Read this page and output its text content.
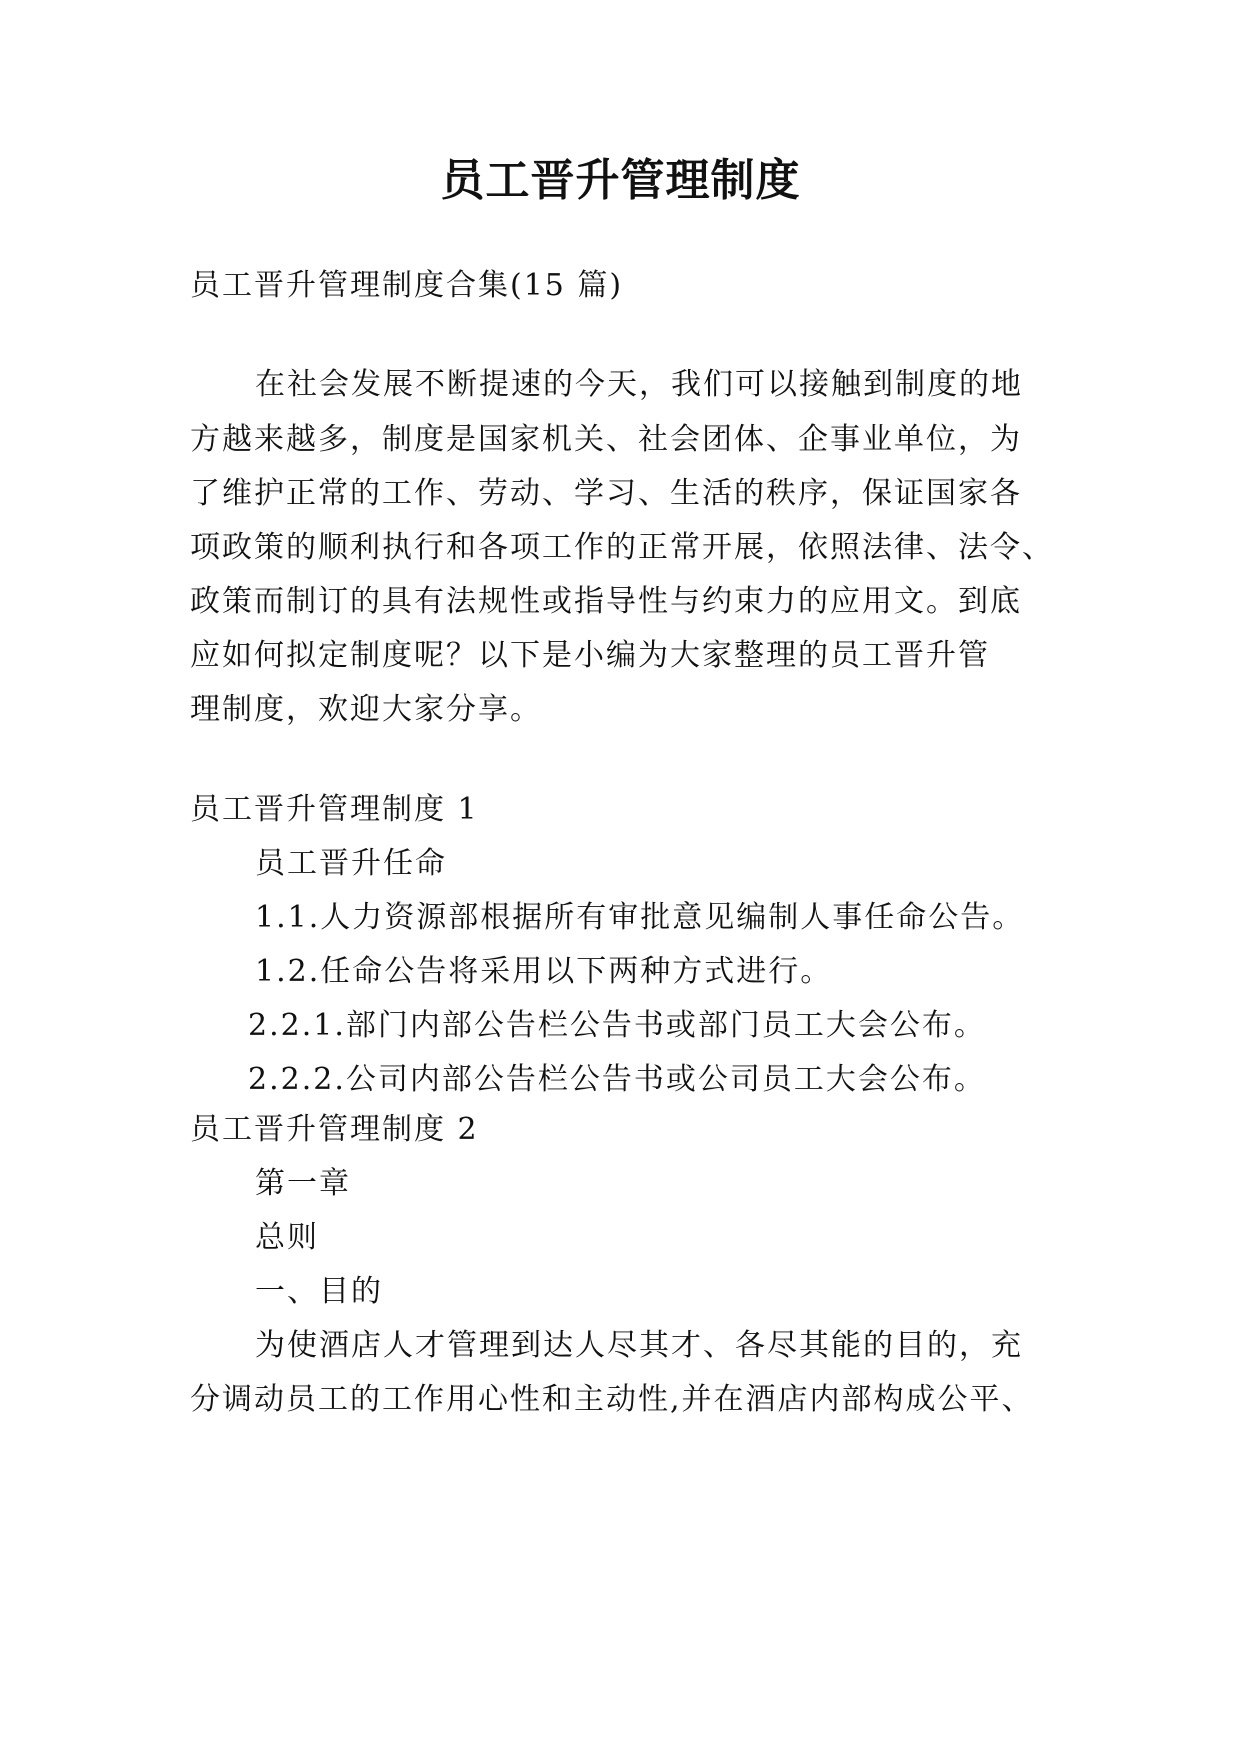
员工晋升管理制度
员工晋升管理制度合集(15 篇)
在社会发展不断提速的今天，我们可以接触到制度的地
方越来越多，制度是国家机关、社会团体、企事业单位，为
了维护正常的工作、劳动、学习、生活的秩序，保证国家各
项政策的顺利执行和各项工作的正常开展，依照法律、法令、
政策而制订的具有法规性或指导性与约束力的应用文。到底
应如何拟定制度呢？以下是小编为大家整理的员工晋升管
理制度，欢迎大家分享。
员工晋升管理制度 1
员工晋升任命
1.1.人力资源部根据所有审批意见编制人事任命公告。
1.2.任命公告将采用以下两种方式进行。
2.2.1.部门内部公告栏公告书或部门员工大会公布。
2.2.2.公司内部公告栏公告书或公司员工大会公布。
员工晋升管理制度 2
第一章
总则
一、目的
为使酒店人才管理到达人尽其才、各尽其能的目的，充
分调动员工的工作用心性和主动性,并在酒店内部构成公平、
